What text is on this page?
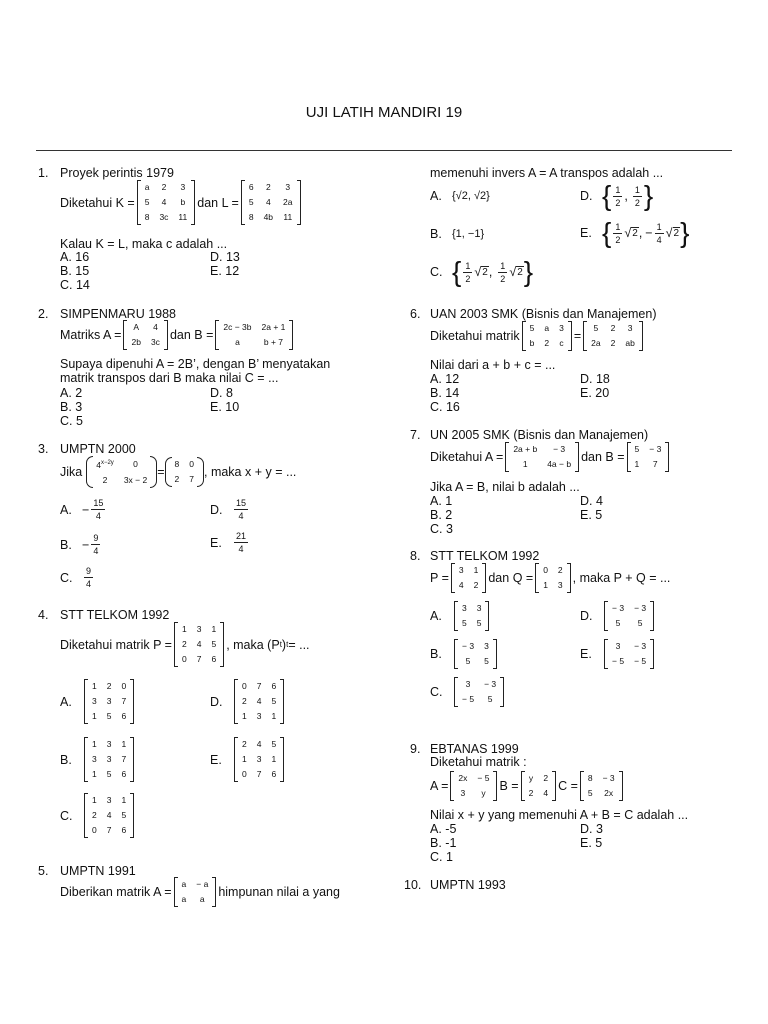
UJI LATIH MANDIRI 19
1. Proyek perintis 1979
Diketahui K =
a	2	3
5	4	b
8	3c	11
dan L =
6	2	3
5	4	2a
8	4b	11
Kalau K = L, maka c adalah ...
A. 16
B. 15
C. 14
D. 13
E. 12
2. SIMPENMARU 1988
Matriks A =
A	4
2b	3c dan B =
2c − 3b	2a + 1
a	b + 7
Supaya dipenuhi A = 2B’, dengan B’ menyatakan
matrik transpos dari B maka nilai C = ...
A. 2
B. 3
C. 5
D. 8
E. 10
3. UMPTN 2000
Jika
$4^{x-2y}$	0
2	3x − 2
=
8	0
2	7 , maka x + y = ...
A. − $\frac{15}{4}$
B. − $\frac{9}{4}$
C.	$\frac{9}{4}$
D.	$\frac{15}{4}$
E.	$\frac{21}{4}$
4. STT TELKOM 1992
Diketahui matrik P =
1	3	1
2	4	5
0	7	6
, maka (P t ) t = ...
A.
1	2	0
3	3	7
1	5	6
B.
1	3	1
3	3	7
1	5	6
C.
1	3	1
2	4	5
0	7	6
D.
0	7	6
2	4	5
1	3	1
E.
2	4	5
1	3	1
0	7	6
5. UMPTN 1991
Diberikan matrik A =
a	− a
a	a himpunan nilai a yang
memenuhi invers A = A transpos adalah ...
A. {√2, √2}
B. {1, −1}
C. { $\frac{1}{2}$ √ 2 , $\frac{1}{2}$ √ 2 }
D. { $\frac{1}{2}$ , $\frac{1}{2}$ }
E. { $\frac{1}{2}$ √ 2 , − $\frac{1}{4}$ √ 2 }
6. UAN 2003 SMK (Bisnis dan Manajemen)
Diketahui matrik
5	a	3
b	2	c =
5	2	3
2a	2	ab
Nilai dari a + b + c = ...
A. 12
B. 14
C. 16
D. 18
E. 20
7. UN 2005 SMK (Bisnis dan Manajemen)
Diketahui A =
2a + b	− 3
1	4a − b dan B =
5	− 3
1	7
Jika A = B, nilai b adalah ...
A. 1
B. 2
C. 3
D. 4
E. 5
8. STT TELKOM 1992
P =
3	1
4	2 dan Q =
0	2
1	3 , maka P + Q = ...
A.
3	3
5	5
B.
− 3	3
5	5
C.
3	− 3
− 5	5
D.
− 3	− 3
5	5
E.
3	− 3
− 5	− 5
9. EBTANAS 1999
Diketahui matrik :
A =
2x	− 5
3	y B =
y	2
2	4 C =
8	− 3
5	2x
Nilai x + y yang memenuhi A + B = C adalah ...
A. -5
B. -1
C. 1
D. 3
E. 5
10. UMPTN 1993
